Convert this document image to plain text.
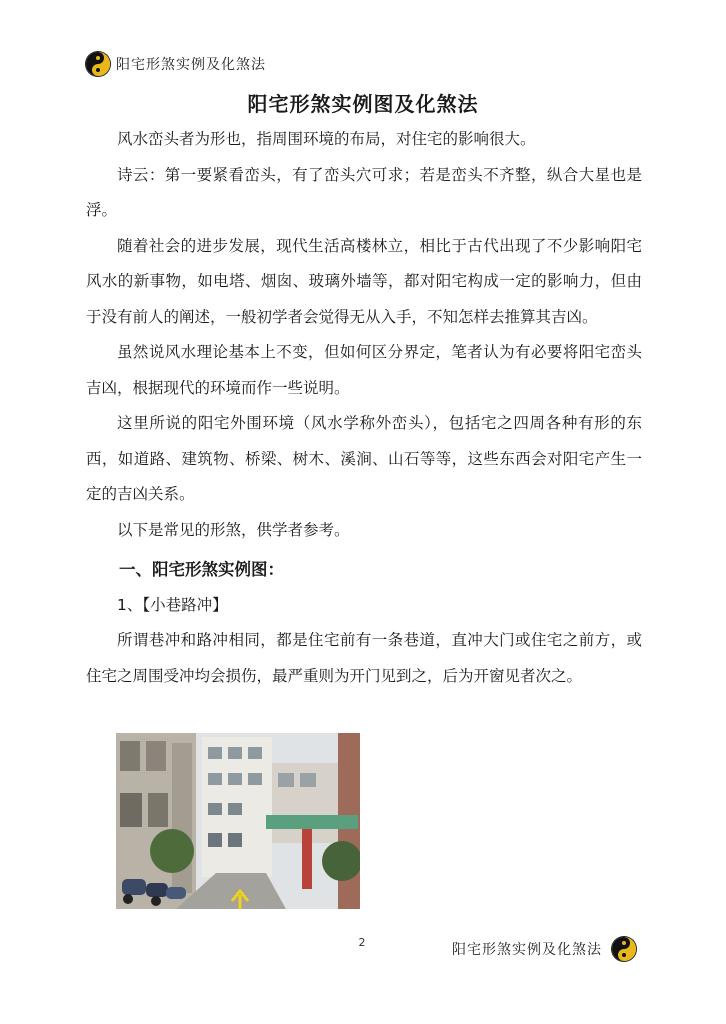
阳宅形煞实例及化煞法
阳宅形煞实例图及化煞法

风水峦头者为形也，指周围环境的布局，对住宅的影响很大。

诗云：第一要紧看峦头，有了峦头穴可求；若是峦头不齐整，纵合大星也是浮。

随着社会的进步发展，现代生活高楼林立，相比于古代出现了不少影响阳宅风水的新事物，如电塔、烟囱、玻璃外墙等，都对阳宅构成一定的影响力，但由于没有前人的阐述，一般初学者会觉得无从入手，不知怎样去推算其吉凶。

虽然说风水理论基本上不变，但如何区分界定，笔者认为有必要将阳宅峦头吉凶，根据现代的环境而作一些说明。

这里所说的阳宅外围环境（风水学称外峦头），包括宅之四周各种有形的东西，如道路、建筑物、桥梁、树木、溪涧、山石等等，这些东西会对阳宅产生一定的吉凶关系。

以下是常见的形煞，供学者参考。

一、阳宅形煞实例图：

1、【小巷路冲】

所谓巷冲和路冲相同，都是住宅前有一条巷道，直冲大门或住宅之前方，或住宅之周围受冲均会损伤，最严重则为开门见到之，后为开窗见者次之。

2	阳宅形煞实例及化煞法
